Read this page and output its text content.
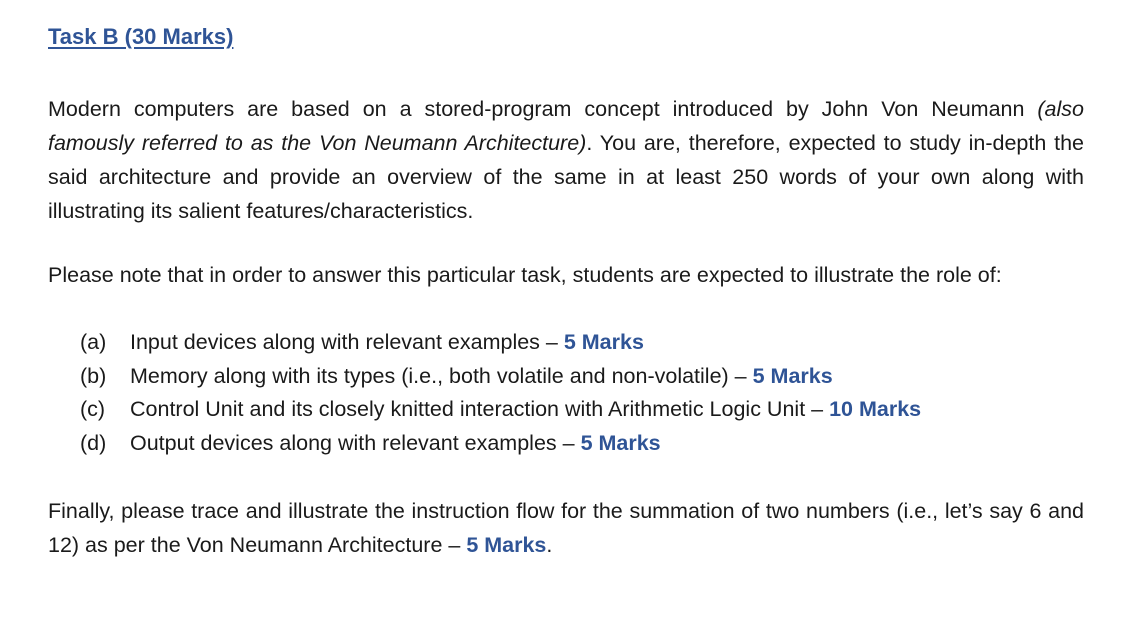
Task B (30 Marks)

Modern computers are based on a stored-program concept introduced by John Von Neumann (also famously referred to as the Von Neumann Architecture). You are, therefore, expected to study in-depth the said architecture and provide an overview of the same in at least 250 words of your own along with illustrating its salient features/characteristics.

Please note that in order to answer this particular task, students are expected to illustrate the role of:

(a)	Input devices along with relevant examples – 5 Marks
(b)	Memory along with its types (i.e., both volatile and non-volatile) – 5 Marks
(c)	Control Unit and its closely knitted interaction with Arithmetic Logic Unit – 10 Marks
(d)	Output devices along with relevant examples – 5 Marks

Finally, please trace and illustrate the instruction flow for the summation of two numbers (i.e., let’s say 6 and 12) as per the Von Neumann Architecture – 5 Marks.
